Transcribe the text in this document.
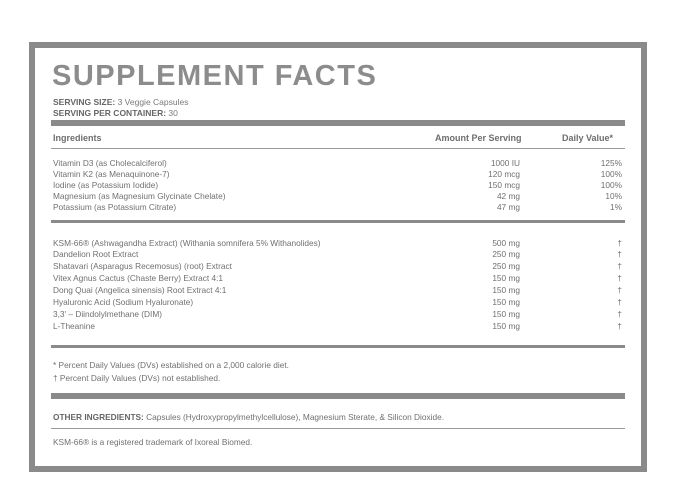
SUPPLEMENT FACTS
SERVING SIZE: 3 Veggie Capsules
SERVING PER CONTAINER: 30
Ingredients	Amount Per Serving	Daily Value*
Vitamin D3 (as Cholecalciferol)	1000 IU	125%
Vitamin K2 (as Menaquinone-7)	120 mcg	100%
Iodine (as Potassium Iodide)	150 mcg	100%
Magnesium (as Magnesium Glycinate Chelate)	42 mg	10%
Potassium (as Potassium Citrate)	47 mg	1%
KSM-66® (Ashwagandha Extract) (Withania somnifera 5% Withanolides)	500 mg	†
Dandelion Root Extract	250 mg	†
Shatavari (Asparagus Recemosus) (root) Extract	250 mg	†
Vitex Agnus Cactus (Chaste Berry) Extract 4:1	150 mg	†
Dong Quai (Angelica sinensis) Root Extract 4:1	150 mg	†
Hyaluronic Acid (Sodium Hyaluronate)	150 mg	†
3,3' – Diindolylmethane (DIM)	150 mg	†
L-Theanine	150 mg	†
* Percent Daily Values (DVs) established on a 2,000 calorie diet.
† Percent Daily Values (DVs) not established.
OTHER INGREDIENTS: Capsules (Hydroxypropylmethylcellulose), Magnesium Sterate, & Silicon Dioxide.
KSM-66® is a registered trademark of Ixoreal Biomed.
